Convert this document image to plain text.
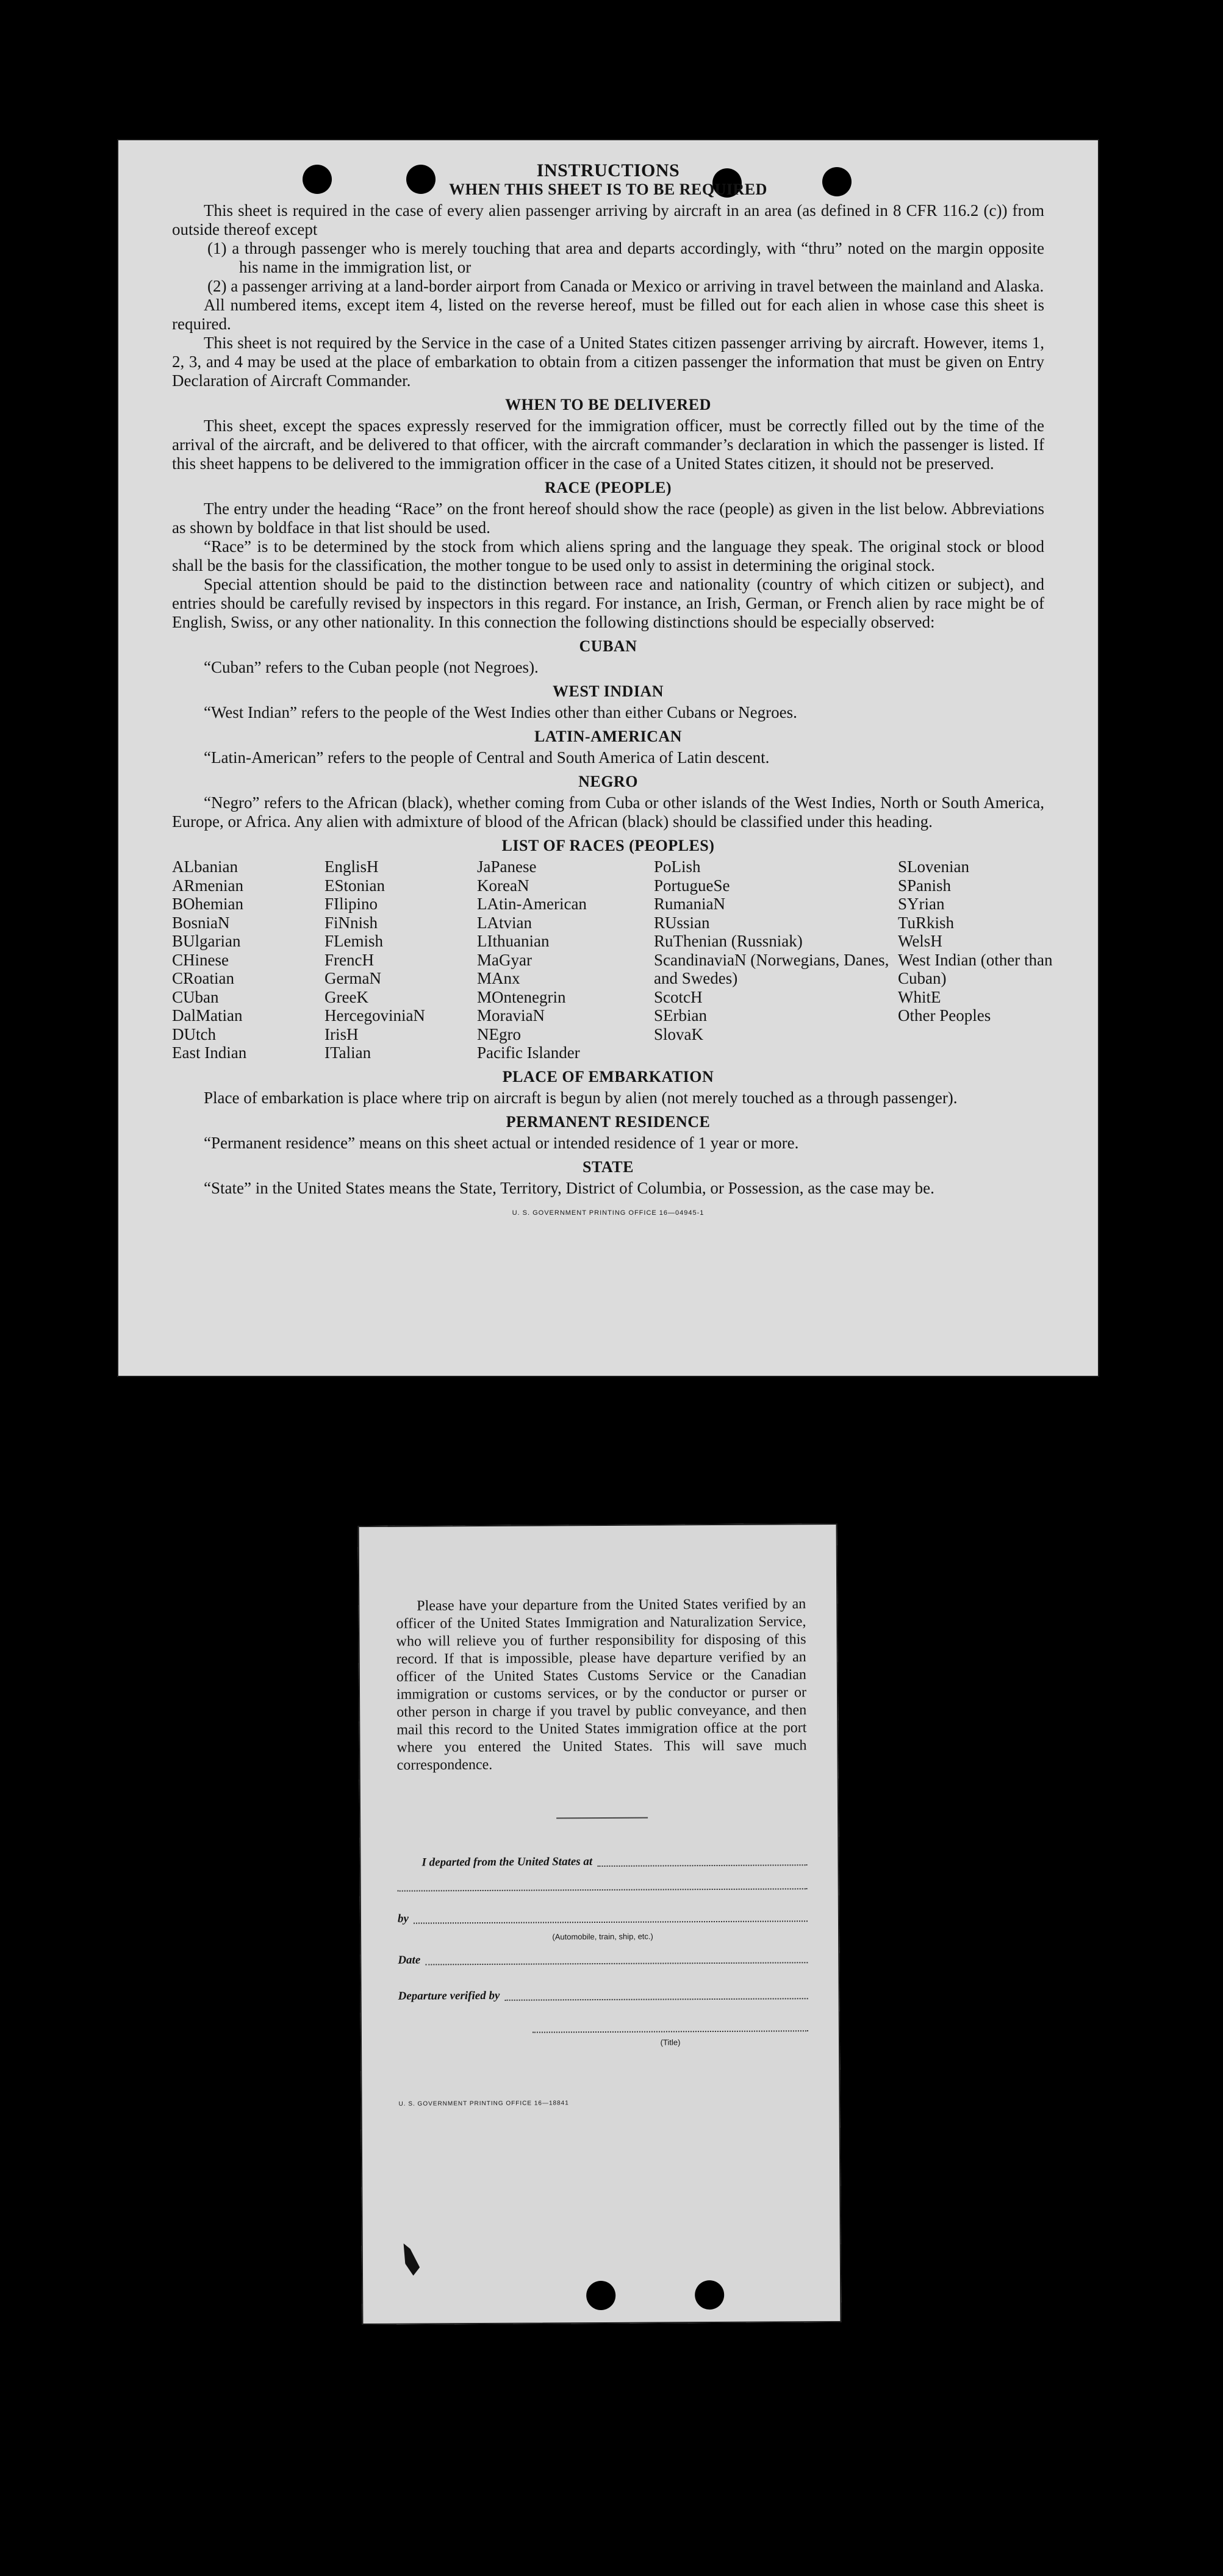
INSTRUCTIONS
WHEN THIS SHEET IS TO BE REQUIRED

This sheet is required in the case of every alien passenger arriving by aircraft in an area (as defined in 8 CFR 116.2 (c)) from outside thereof except

(1) a through passenger who is merely touching that area and departs accordingly, with “thru” noted on the margin opposite his name in the immigration list, or

(2) a passenger arriving at a land-border airport from Canada or Mexico or arriving in travel between the mainland and Alaska.

All numbered items, except item 4, listed on the reverse hereof, must be filled out for each alien in whose case this sheet is required.

This sheet is not required by the Service in the case of a United States citizen passenger arriving by aircraft. However, items 1, 2, 3, and 4 may be used at the place of embarkation to obtain from a citizen passenger the information that must be given on Entry Declaration of Aircraft Commander.

WHEN TO BE DELIVERED

This sheet, except the spaces expressly reserved for the immigration officer, must be correctly filled out by the time of the arrival of the aircraft, and be delivered to that officer, with the aircraft commander’s declaration in which the passenger is listed. If this sheet happens to be delivered to the immigration officer in the case of a United States citizen, it should not be preserved.

RACE (PEOPLE)

The entry under the heading “Race” on the front hereof should show the race (people) as given in the list below. Abbreviations as shown by boldface in that list should be used.

“Race” is to be determined by the stock from which aliens spring and the language they speak. The original stock or blood shall be the basis for the classification, the mother tongue to be used only to assist in determining the original stock.

Special attention should be paid to the distinction between race and nationality (country of which citizen or subject), and entries should be carefully revised by inspectors in this regard. For instance, an Irish, German, or French alien by race might be of English, Swiss, or any other nationality. In this connection the following distinctions should be especially observed:

CUBAN

“Cuban” refers to the Cuban people (not Negroes).

WEST INDIAN

“West Indian” refers to the people of the West Indies other than either Cubans or Negroes.

LATIN-AMERICAN

“Latin-American” refers to the people of Central and South America of Latin descent.

NEGRO

“Negro” refers to the African (black), whether coming from Cuba or other islands of the West Indies, North or South America, Europe, or Africa. Any alien with admixture of blood of the African (black) should be classified under this heading.

LIST OF RACES (PEOPLES)
ALbanian
ARmenian
BOhemian
BosniaN
BUlgarian
CHinese
CRoatian
CUban
DalMatian
DUtch
East Indian
EnglisH
EStonian
FIlipino
FiNnish
FLemish
FrencH
GermaN
GreeK
HercegoviniaN
IrisH
ITalian
JaPanese
KoreaN
LAtin-American
LAtvian
LIthuanian
MaGyar
MAnx
MOntenegrin
MoraviaN
NEgro
Pacific Islander
PoLish
PortugueSe
RumaniaN
RUssian
RuThenian (Russniak)
ScandinaviaN (Norwegians, Danes, and Swedes)
ScotcH
SErbian
SlovaK
SLovenian
SPanish
SYrian
TuRkish
WelsH
West Indian (other than Cuban)
WhitE
Other Peoples
PLACE OF EMBARKATION

Place of embarkation is place where trip on aircraft is begun by alien (not merely touched as a through passenger).

PERMANENT RESIDENCE

“Permanent residence” means on this sheet actual or intended residence of 1 year or more.

STATE

“State” in the United States means the State, Territory, District of Columbia, or Possession, as the case may be.

U. S. GOVERNMENT PRINTING OFFICE 16—04945-1

Please have your departure from the United States verified by an officer of the United States Immigration and Naturalization Service, who will relieve you of further responsibility for disposing of this record. If that is impossible, please have departure verified by an officer of the United States Customs Service or the Canadian immigration or customs services, or by the conductor or purser or other person in charge if you travel by public conveyance, and then mail this record to the United States immigration office at the port where you entered the United States. This will save much correspondence.

I departed from the United States at
by
(Automobile, train, ship, etc.)
Date
Departure verified by
(Title)
U. S. GOVERNMENT PRINTING OFFICE 16—18841
